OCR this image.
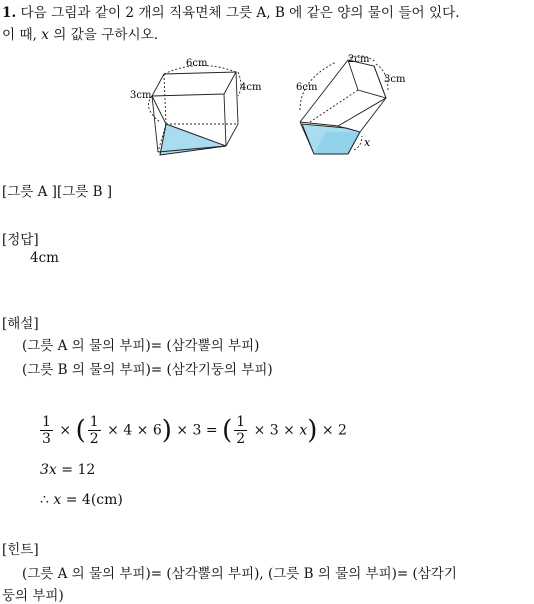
1. 다음 그림과 같이 2 개의 직육면체 그릇 A, B 에 같은 양의 물이 들어 있다.
이 때, x 의 값을 구하시오.
6cm
3cm
4cm
2cm
6cm
3cm
x
[그릇 A ][그릇 B ]
[정답]
4cm
[해설]
(그릇 A 의 물의 부피)= (삼각뿔의 부피)
(그릇 B 의 물의 부피)= (삼각기둥의 부피)
$\frac{1}{3}$ × ( $\frac{1}{2} \times 4 \times 6) \times 3$ = ( $\frac{1}{2} \times 3 \times x) \times 2$
3x = 12
∴ x = 4(cm)
[힌트]
(그릇 A 의 물의 부피)= (삼각뿔의 부피), (그릇 B 의 물의 부피)= (삼각기
둥의 부피)
